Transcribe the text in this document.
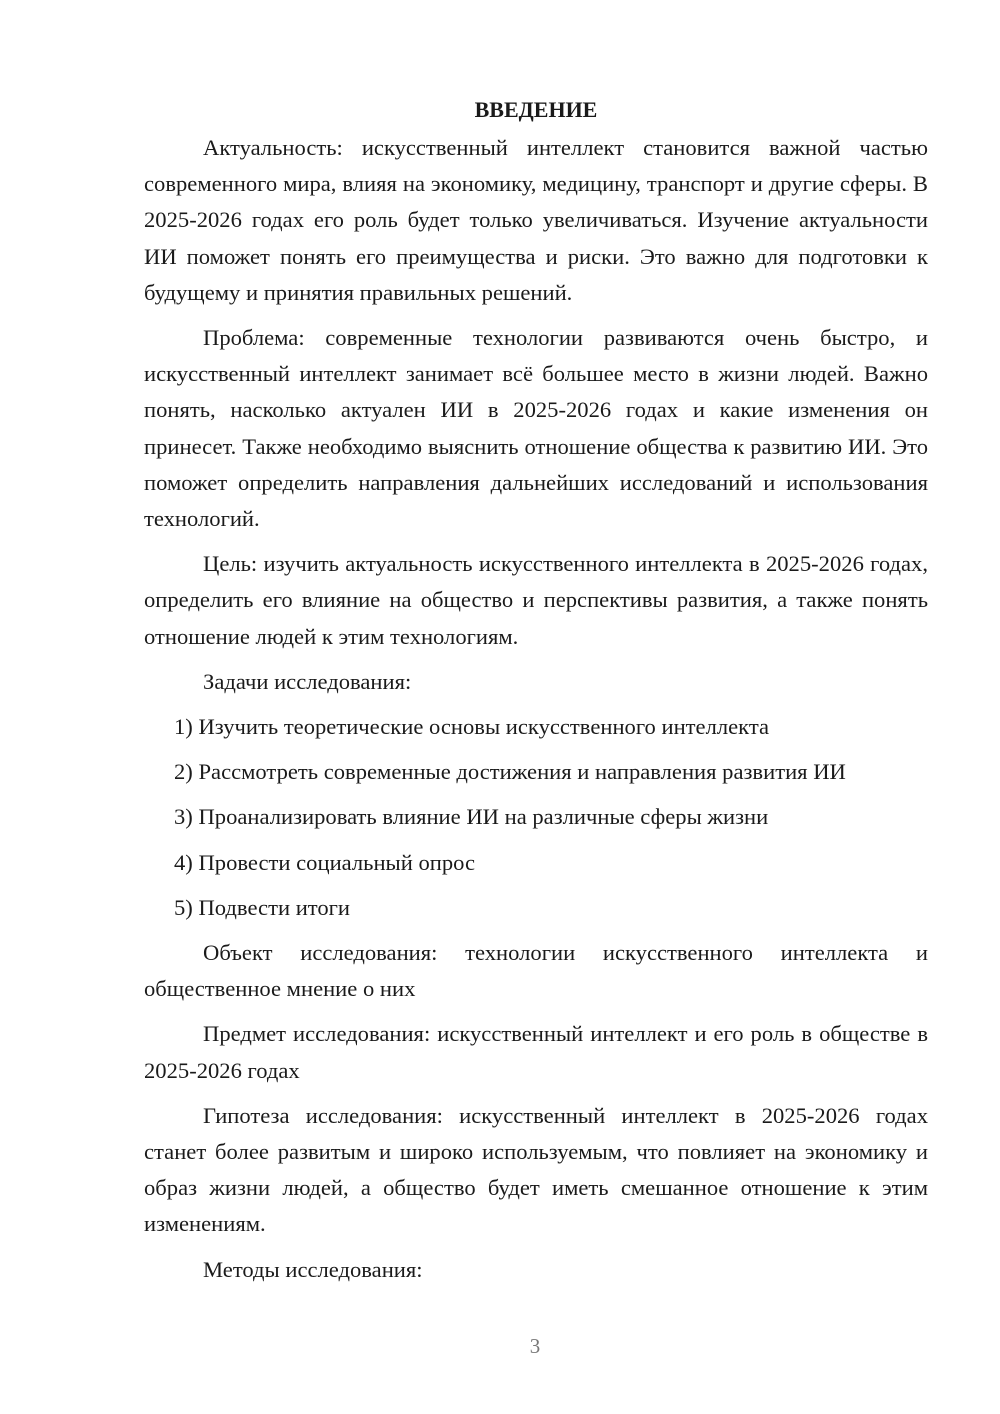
ВВЕДЕНИЕ

Актуальность: искусственный интеллект становится важной частью современного мира, влияя на экономику, медицину, транспорт и другие сферы. В 2025-2026 годах его роль будет только увеличиваться. Изучение актуальности ИИ поможет понять его преимущества и риски. Это важно для подготовки к будущему и принятия правильных решений.

Проблема: современные технологии развиваются очень быстро, и искусственный интеллект занимает всё большее место в жизни людей. Важно понять, насколько актуален ИИ в 2025-2026 годах и какие изменения он принесет. Также необходимо выяснить отношение общества к развитию ИИ. Это поможет определить направления дальнейших исследований и использования технологий.

Цель: изучить актуальность искусственного интеллекта в 2025-2026 годах, определить его влияние на общество и перспективы развития, а также понять отношение людей к этим технологиям.

Задачи исследования:

1) Изучить теоретические основы искусственного интеллекта
2) Рассмотреть современные достижения и направления развития ИИ
3) Проанализировать влияние ИИ на различные сферы жизни
4) Провести социальный опрос
5) Подвести итоги

Объект исследования: технологии искусственного интеллекта и общественное мнение о них

Предмет исследования: искусственный интеллект и его роль в обществе в 2025-2026 годах

Гипотеза исследования: искусственный интеллект в 2025-2026 годах станет более развитым и широко используемым, что повлияет на экономику и образ жизни людей, а общество будет иметь смешанное отношение к этим изменениям.

Методы исследования:

3
